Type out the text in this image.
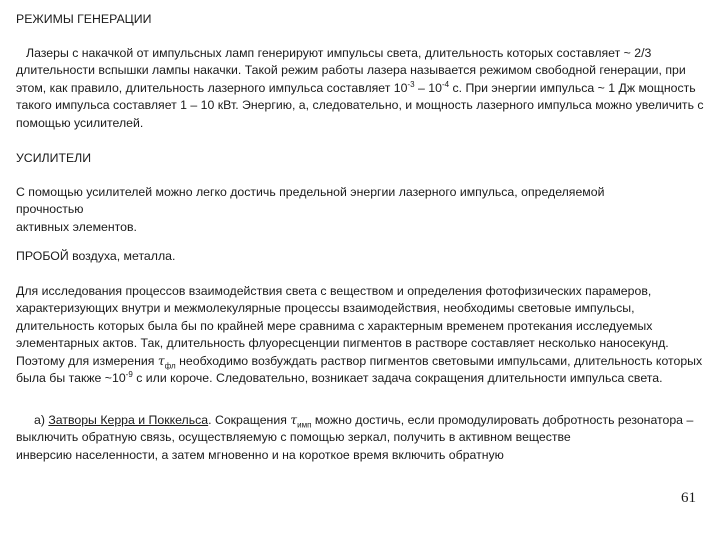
РЕЖИМЫ ГЕНЕРАЦИИ

Лазеры с накачкой от импульсных ламп генерируют импульсы света, длительность которых составляет ~ 2/3 длительности вспышки лампы накачки. Такой режим работы лазера называется режимом свободной генерации, при этом, как правило, длительность лазерного импульса составляет $10^{-3} - 10^{-4}$ с. При энергии импульса ~ 1 Дж мощность такого импульса составляет 1 – 10 кВт. Энергию, а, следовательно, и мощность лазерного импульса можно увеличить с помощью усилителей.

УСИЛИТЕЛИ
С помощью усилителей можно легко достичь предельной энергии лазерного импульса, определяемой
прочностью
активных элементов.
ПРОБОЙ воздуха, металла.

Для исследования процессов взаимодействия света с веществом и определения фотофизических парамеров, характеризующих внутри и межмолекулярные процессы взаимодействия, необходимы световые импульсы, длительность которых была бы по крайней мере сравнима с характерным временем протекания исследуемых элементарных актов. Так, длительность флуоресценции пигментов в растворе составляет несколько наносекунд. Поэтому для измерения $\tau_{фл}$ необходимо возбуждать раствор пигментов световыми импульсами, длительность которых была бы также $\sim 10^{-9}$ с или короче. Следовательно, возникает задача сокращения длительности импульса света.

а) Затворы Керра и Поккельса. Сокращения $\tau_{имп}$ можно достичь, если промодулировать добротность резонатора – выключить обратную связь, осуществляемую с помощью зеркал, получить в активном веществе
инверсию населенности, а затем мгновенно и на короткое время включить обратную

61
